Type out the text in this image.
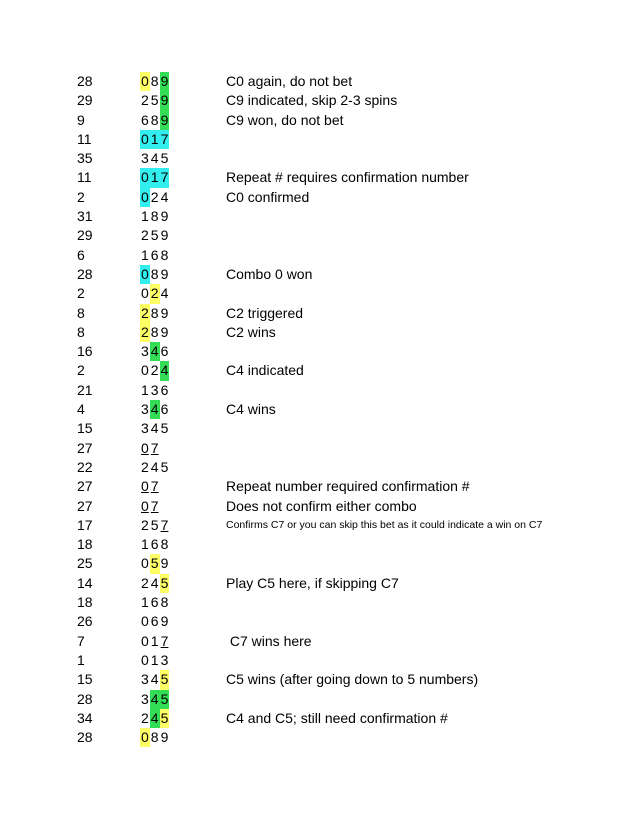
28	0 8 9	C0 again, do not bet
29	2 5 9	C9 indicated, skip 2-3 spins
9	6 8 9	C9 won, do not bet
11	0 1 7
35	3 4 5
11	0 1 7	Repeat # requires confirmation number
2	0 2 4	C0 confirmed
31	1 8 9
29	2 5 9
6	1 6 8
28	0 8 9	Combo 0 won
2	0 2 4
8	2 8 9	C2 triggered
8	2 8 9	C2 wins
16	3 4 6
2	0 2 4	C4 indicated
21	1 3 6
4	3 4 6	C4 wins
15	3 4 5
27	0 7
22	2 4 5
27	0 7	Repeat number required confirmation #
27	0 7	Does not confirm either combo
17	2 5 7	Confirms C7 or you can skip this bet as it could indicate a win on C7
18	1 6 8
25	0 5 9
14	2 4 5	Play C5 here, if skipping C7
18	1 6 8
26	0 6 9
7	0 1 7	C7 wins here
1	0 1 3
15	3 4 5	C5 wins (after going down to 5 numbers)
28	3 4 5
34	2 4 5	C4 and C5; still need confirmation #
28	0 8 9
